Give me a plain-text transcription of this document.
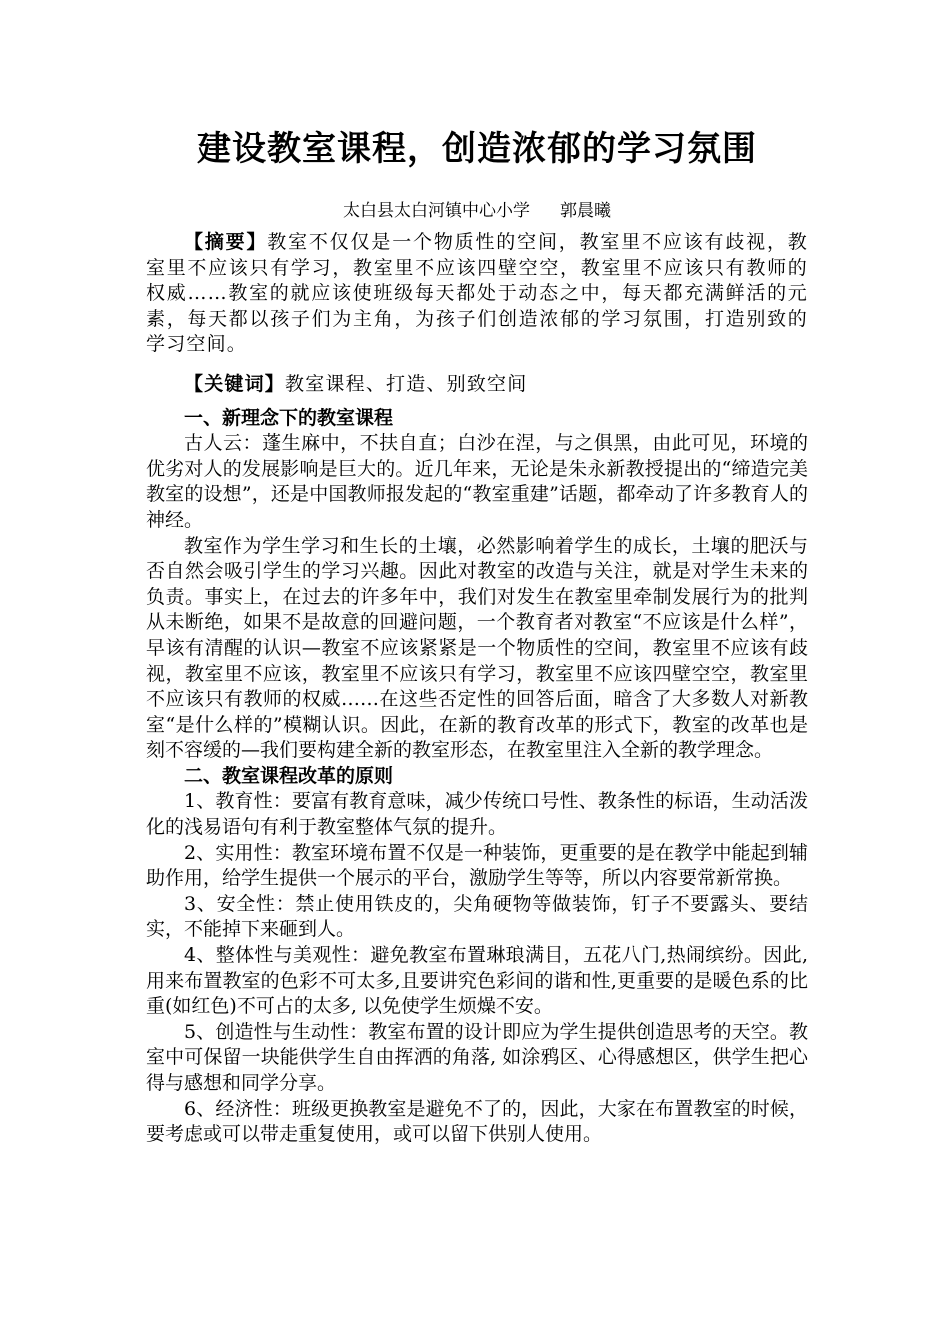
建设教室课程，创造浓郁的学习氛围
太白县太白河镇中心小学 郭晨曦

【摘要】教室不仅仅是一个物质性的空间，教室里不应该有歧视，教室里不应该只有学习，教室里不应该四壁空空，教室里不应该只有教师的权威……教室的就应该使班级每天都处于动态之中，每天都充满鲜活的元素，每天都以孩子们为主角，为孩子们创造浓郁的学习氛围，打造别致的学习空间。

【关键词】教室课程、打造、别致空间

一、新理念下的教室课程

古人云：蓬生麻中，不扶自直；白沙在涅，与之俱黑，由此可见，环境的优劣对人的发展影响是巨大的。近几年来，无论是朱永新教授提出的“缔造完美教室的设想”，还是中国教师报发起的“教室重建”话题，都牵动了许多教育人的神经。

教室作为学生学习和生长的土壤，必然影响着学生的成长，土壤的肥沃与否自然会吸引学生的学习兴趣。因此对教室的改造与关注，就是对学生未来的负责。事实上，在过去的许多年中，我们对发生在教室里牵制发展行为的批判从未断绝，如果不是故意的回避问题，一个教育者对教室“不应该是什么样”，早该有清醒的认识—教室不应该紧紧是一个物质性的空间，教室里不应该有歧视，教室里不应该，教室里不应该只有学习，教室里不应该四壁空空，教室里不应该只有教师的权威……在这些否定性的回答后面，暗含了大多数人对新教室“是什么样的”模糊认识。因此，在新的教育改革的形式下，教室的改革也是刻不容缓的—我们要构建全新的教室形态，在教室里注入全新的教学理念。

二、教室课程改革的原则

1、教育性：要富有教育意味，减少传统口号性、教条性的标语，生动活泼化的浅易语句有利于教室整体气氛的提升。

2、实用性：教室环境布置不仅是一种装饰，更重要的是在教学中能起到辅助作用，给学生提供一个展示的平台，激励学生等等，所以内容要常新常换。

3、安全性：禁止使用铁皮的，尖角硬物等做装饰，钉子不要露头、要结实，不能掉下来砸到人。

4、整体性与美观性：避免教室布置琳琅满目，五花八门,热闹缤纷。因此,用来布置教室的色彩不可太多,且要讲究色彩间的谐和性,更重要的是暖色系的比重(如红色)不可占的太多, 以免使学生烦燥不安。

5、创造性与生动性：教室布置的设计即应为学生提供创造思考的天空。教室中可保留一块能供学生自由挥洒的角落, 如涂鸦区、心得感想区，供学生把心得与感想和同学分享。

6、经济性：班级更换教室是避免不了的，因此，大家在布置教室的时候，要考虑或可以带走重复使用，或可以留下供别人使用。
